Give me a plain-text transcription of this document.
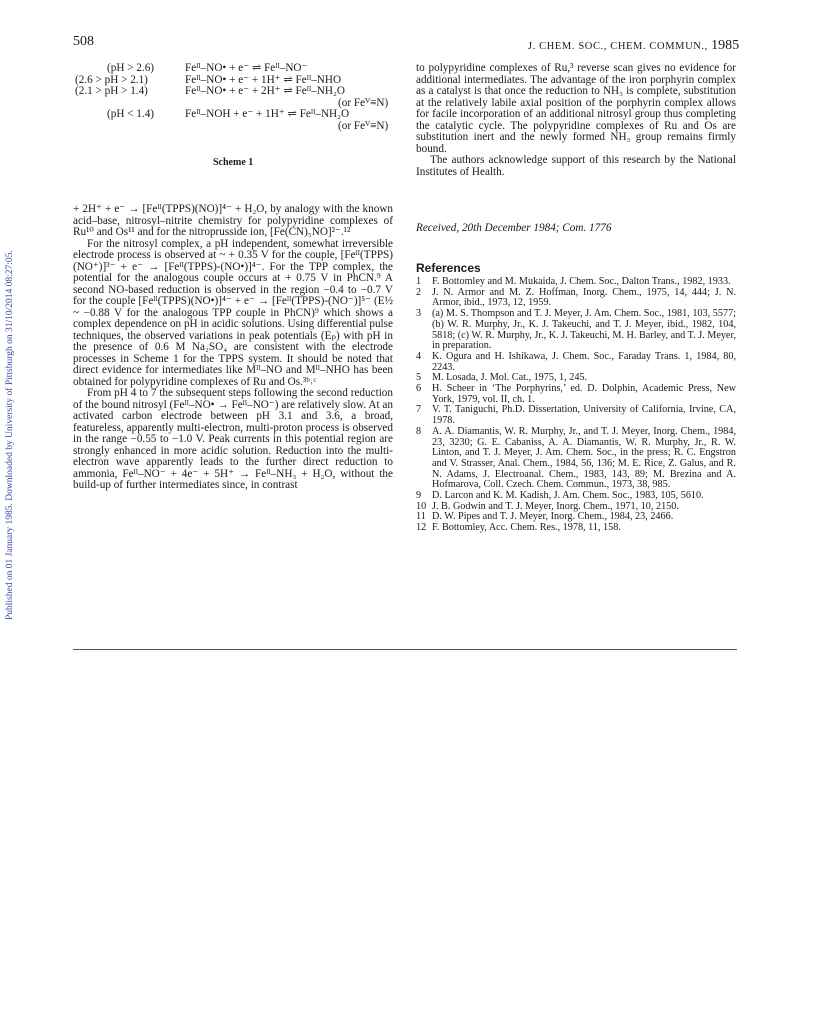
Published on 01 January 1985. Downloaded by University of Pittsburgh on 31/10/2014 08:27:05.
508	J. CHEM. SOC., CHEM. COMMUN., 1985
(pH > 2.6)	Feᴵᴵ–NO• + e⁻ ⇌ Feᴵᴵ–NO⁻
(2.6 > pH > 2.1)	Feᴵᴵ–NO• + e⁻ + 1H⁺ ⇌ Feᴵᴵ–NHO
(2.1 > pH > 1.4)	Feᴵᴵ–NO• + e⁻ + 2H⁺ ⇌ Feᴵᴵ–NH₂O
(or Feⱽ≡N)
(pH < 1.4)	Feᴵᴵ–NOH + e⁻ + 1H⁺ ⇌ Feᴵᴵ–NH₂O
(or Feⱽ≡N)
Scheme 1

+ 2H⁺ + e⁻ → [Feᴵᴵ(TPPS)(NO)]⁴⁻ + H₂O, by analogy with the known acid–base, nitrosyl–nitrite chemistry for polypyridine complexes of Ru¹⁰ and Os¹¹ and for the nitroprusside ion, [Fe(CN)₅NO]²⁻.¹²

For the nitrosyl complex, a pH independent, somewhat irreversible electrode process is observed at ~ + 0.35 V for the couple, [Feᴵᴵ(TPPS)(NO⁺)]³⁻ + e⁻ → [Feᴵᴵ(TPPS)-(NO•)]⁴⁻. For the TPP complex, the potential for the analogous couple occurs at + 0.75 V in PhCN.⁹ A second NO-based reduction is observed in the region −0.4 to −0.7 V for the couple [Feᴵᴵ(TPPS)(NO•)]⁴⁻ + e⁻ → [Feᴵᴵ(TPPS)-(NO⁻)]⁵⁻ (E½ ~ −0.88 V for the analogous TPP couple in PhCN)⁹ which shows a complex dependence on pH in acidic solutions. Using differential pulse techniques, the observed variations in peak potentials (Eₚ) with pH in the presence of 0.6 M Na₂SO₄ are consistent with the electrode processes in Scheme 1 for the TPPS system. It should be noted that direct evidence for intermediates like Mᴵᴵ–NO and Mᴵᴵ–NHO has been obtained for polypyridine complexes of Ru and Os.³ᵇ˒ᶜ

From pH 4 to 7 the subsequent steps following the second reduction of the bound nitrosyl (Feᴵᴵ–NO• → Feᴵᴵ–NO⁻) are relatively slow. At an activated carbon electrode between pH 3.1 and 3.6, a broad, featureless, apparently multi-electron, multi-proton process is observed in the range −0.55 to −1.0 V. Peak currents in this potential region are strongly enhanced in more acidic solution. Reduction into the multi-electron wave apparently leads to the further direct reduction to ammonia, Feᴵᴵ–NO⁻ + 4e⁻ + 5H⁺ → Feᴵᴵ–NH₃ + H₂O, without the build-up of further intermediates since, in contrast

to polypyridine complexes of Ru,³ reverse scan gives no evidence for additional intermediates. The advantage of the iron porphyrin complex as a catalyst is that once the reduction to NH₃ is complete, substitution at the relatively labile axial position of the porphyrin complex allows for facile incorporation of an additional nitrosyl group thus completing the catalytic cycle. The polypyridine complexes of Ru and Os are substitution inert and the newly formed NH₃ group remains firmly bound.

The authors acknowledge support of this research by the National Institutes of Health.

Received, 20th December 1984; Com. 1776
References
1	F. Bottomley and M. Mukaida, J. Chem. Soc., Dalton Trans., 1982, 1933.
2	J. N. Armor and M. Z. Hoffman, Inorg. Chem., 1975, 14, 444; J. N. Armor, ibid., 1973, 12, 1959.
3	(a) M. S. Thompson and T. J. Meyer, J. Am. Chem. Soc., 1981, 103, 5577; (b) W. R. Murphy, Jr., K. J. Takeuchi, and T. J. Meyer, ibid., 1982, 104, 5818; (c) W. R. Murphy, Jr., K. J. Takeuchi, M. H. Barley, and T. J. Meyer, in preparation.
4	K. Ogura and H. Ishikawa, J. Chem. Soc., Faraday Trans. 1, 1984, 80, 2243.
5	M. Losada, J. Mol. Cat., 1975, 1, 245.
6	H. Scheer in ‘The Porphyrins,’ ed. D. Dolphin, Academic Press, New York, 1979, vol. II, ch. 1.
7	V. T. Taniguchi, Ph.D. Dissertation, University of California, Irvine, CA, 1978.
8	A. A. Diamantis, W. R. Murphy, Jr., and T. J. Meyer, Inorg. Chem., 1984, 23, 3230; G. E. Cabaniss, A. A. Diamantis, W. R. Murphy, Jr., R. W. Linton, and T. J. Meyer, J. Am. Chem. Soc., in the press; R. C. Engstron and V. Strasser, Anal. Chem., 1984, 56, 136; M. E. Rice, Z. Galus, and R. N. Adams, J. Electroanal. Chem., 1983, 143, 89; M. Brezina and A. Hofmarova, Coll. Czech. Chem. Commun., 1973, 38, 985.
9	D. Larcon and K. M. Kadish, J. Am. Chem. Soc., 1983, 105, 5610.
10 J. B. Godwin and T. J. Meyer, Inorg. Chem., 1971, 10, 2150.
11 D. W. Pipes and T. J. Meyer, Inorg. Chem., 1984, 23, 2466.
12 F. Bottomley, Acc. Chem. Res., 1978, 11, 158.
